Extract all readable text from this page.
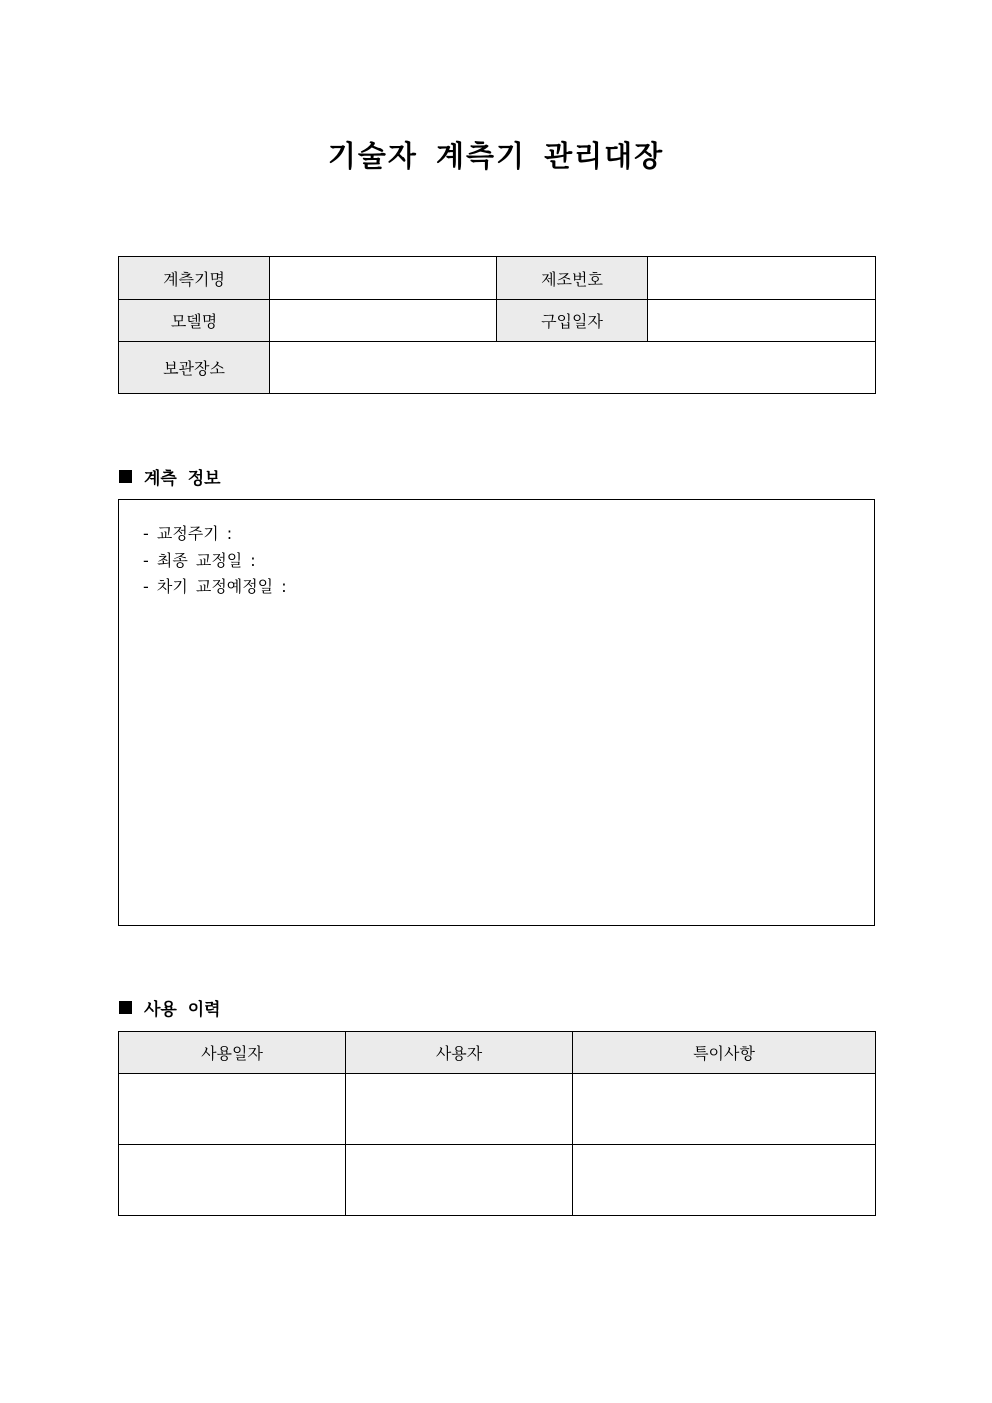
기술자 계측기 관리대장
계측기명		제조번호	
모델명		구입일자	
보관장소			
계측 정보
- 교정주기 :
- 최종 교정일 :
- 차기 교정예정일 :
사용 이력
사용일자	사용자	특이사항
